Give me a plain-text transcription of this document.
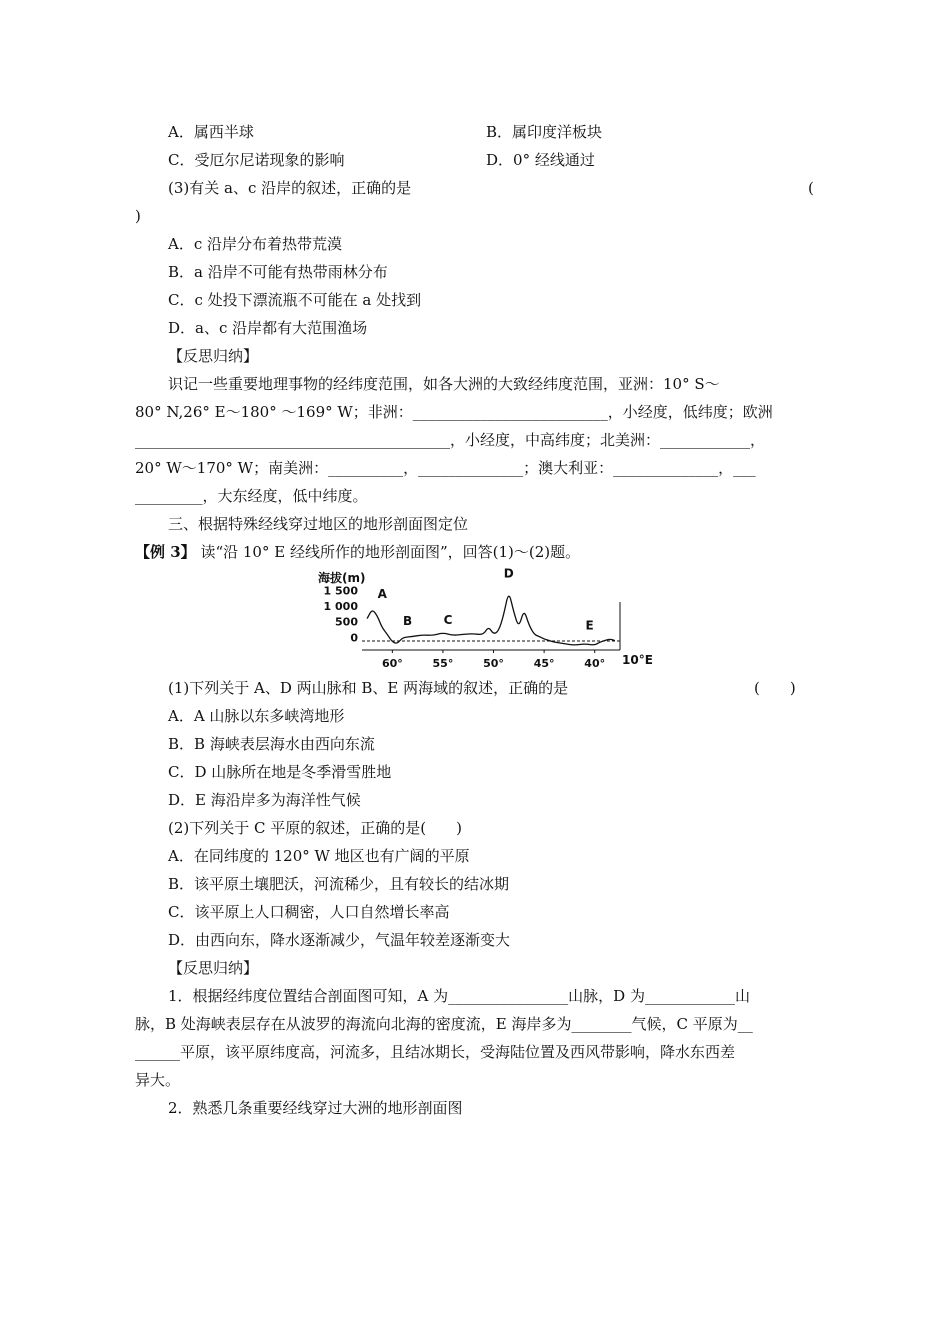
A．属西半球	B．属印度洋板块
C．受厄尔尼诺现象的影响	D．0° 经线通过
(3)有关 a、c 沿岸的叙述，正确的是	(
)
A．c 沿岸分布着热带荒漠
B．a 沿岸不可能有热带雨林分布
C．c 处投下漂流瓶不可能在 a 处找到
D．a、c 沿岸都有大范围渔场
【反思归纳】
识记一些重要地理事物的经纬度范围，如各大洲的大致经纬度范围，亚洲：10° S～
80° N,26° E～180° ～169° W；非洲：__________________________，小经度，低纬度；欧洲
__________________________________________，小经度，中高纬度；北美洲：____________，
20° W～170° W；南美洲：__________，______________；澳大利亚：______________，___
_________，大东经度，低中纬度。
三、根据特殊经线穿过地区的地形剖面图定位
【例 3】 读“沿 10° E 经线所作的地形剖面图”，回答(1)～(2)题。
海拔(m)
1 500
1 000
500
0
60°	55°	50°	45°	40° 10°E
A
B	C
D
E
(1)下列关于 A、D 两山脉和 B、E 两海域的叙述，正确的是	(　　)
A．A 山脉以东多峡湾地形
B．B 海峡表层海水由西向东流
C．D 山脉所在地是冬季滑雪胜地
D．E 海沿岸多为海洋性气候
(2)下列关于 C 平原的叙述，正确的是(　　)
A．在同纬度的 120° W 地区也有广阔的平原
B．该平原土壤肥沃，河流稀少，且有较长的结冰期
C．该平原上人口稠密，人口自然增长率高
D．由西向东，降水逐渐减少，气温年较差逐渐变大
【反思归纳】
1．根据经纬度位置结合剖面图可知，A 为________________山脉，D 为____________山
脉，B 处海峡表层存在从波罗的海流向北海的密度流，E 海岸多为________气候，C 平原为__
______平原，该平原纬度高，河流多，且结冰期长，受海陆位置及西风带影响，降水东西差
异大。
2．熟悉几条重要经线穿过大洲的地形剖面图
